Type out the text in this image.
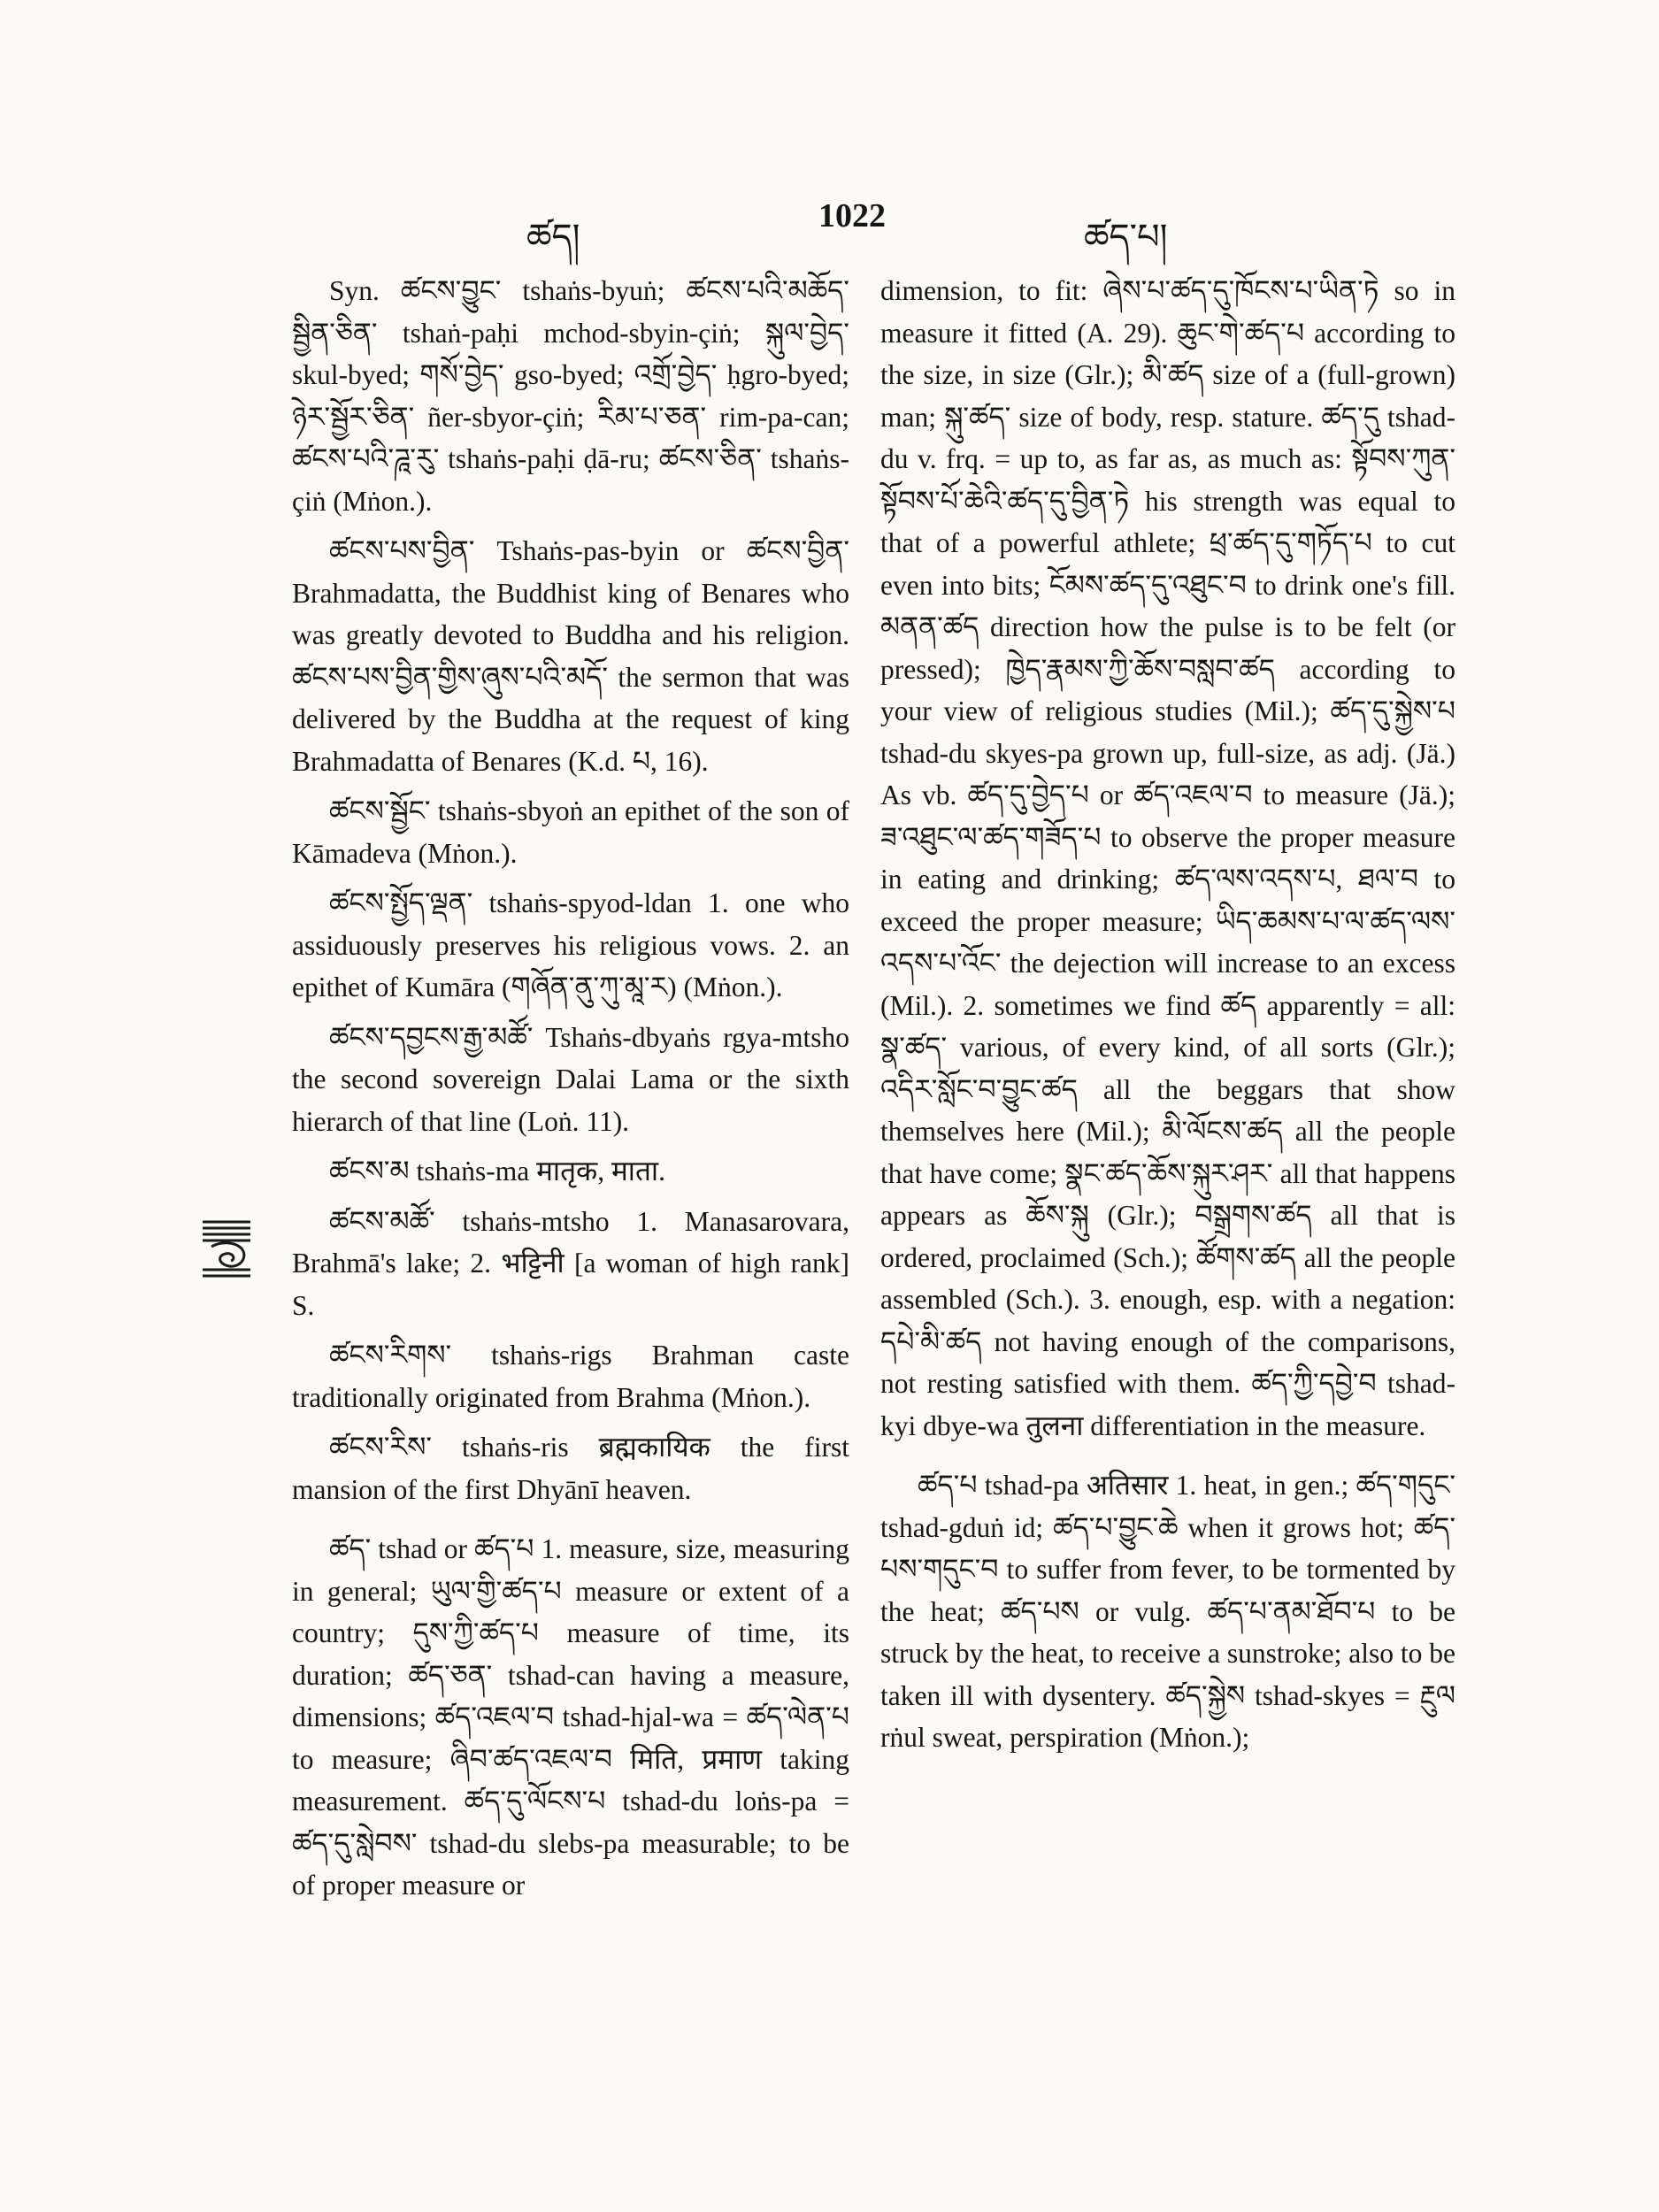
ཚད།
1022
ཚད་པ།

Syn. ཚངས་བྱུང་ tshaṅs-byuṅ; ཚངས་པའི་མཆོད་སྦྱིན་ཅིན་ tshaṅ-paḥi mchod-sbyin-çiṅ; སྐུལ་བྱེད་ skul-byed; གསོ་བྱེད་ gso-byed; འགྲོ་བྱེད་ ḥgro-byed; ཉེར་སྦྱོར་ཅིན་ ñer-sbyor-çiṅ; རིམ་པ་ཅན་ rim-pa-can; ཚངས་པའི་ཌཱ་རུ་ tshaṅs-paḥi ḍā-ru; ཚངས་ཅིན་ tshaṅs-çiṅ (Mṅon.).

ཚངས་པས་བྱིན་ Tshaṅs-pas-byin or ཚངས་བྱིན་ Brahmadatta, the Buddhist king of Benares who was greatly devoted to Buddha and his religion. ཚངས་པས་བྱིན་གྱིས་ཞུས་པའི་མདོ་ the sermon that was delivered by the Buddha at the request of king Brahmadatta of Benares (K.d. པ, 16).

ཚངས་སྦྱོང་ tshaṅs-sbyoṅ an epithet of the son of Kāmadeva (Mṅon.).

ཚངས་སྤྱོད་ལྡན་ tshaṅs-spyod-ldan 1. one who assiduously preserves his religious vows. 2. an epithet of Kumāra (གཞོན་ནུ་ཀུ་མཱ་ར) (Mṅon.).

ཚངས་དབྱངས་རྒྱ་མཚོ་ Tshaṅs-dbyaṅs rgya-mtsho the second sovereign Dalai Lama or the sixth hierarch of that line (Loṅ. 11).

ཚངས་མ tshaṅs-ma मातृक, माता.

ཚངས་མཚོ་ tshaṅs-mtsho 1. Manasarovara, Brahmā's lake; 2. भट्टिनी [a woman of high rank] S.

ཚངས་རིགས་ tshaṅs-rigs Brahman caste traditionally originated from Brahma (Mṅon.).

ཚངས་རིས་ tshaṅs-ris ब्रह्मकायिक the first mansion of the first Dhyānī heaven.

ཚད་ tshad or ཚད་པ 1. measure, size, measuring in general; ཡུལ་གྱི་ཚད་པ measure or extent of a country; དུས་ཀྱི་ཚད་པ measure of time, its duration; ཚད་ཅན་ tshad-can having a measure, dimensions; ཚད་འཇལ་བ tshad-hjal-wa = ཚད་ལེན་པ to measure; ཞིབ་ཚད་འཇལ་བ मिति, प्रमाण taking measurement. ཚད་དུ་ལོངས་པ tshad-du loṅs-pa = ཚད་དུ་སླེབས་ tshad-du slebs-pa measurable; to be of proper measure or

dimension, to fit: ཞེས་པ་ཚད་དུ་ཁོངས་པ་ཡིན་ཏེ so in measure it fitted (A. 29). ཆུང་གེ་ཚད་པ according to the size, in size (Glr.); མི་ཚད size of a (full-grown) man; སྐུ་ཚད་ size of body, resp. stature. ཚད་དུ tshad-du v. frq. = up to, as far as, as much as: སྟོབས་ཀུན་སྟོབས་པོ་ཆེའི་ཚད་དུ་བྱིན་ཏེ his strength was equal to that of a powerful athlete; ཕྲ་ཚད་དུ་གཏོད་པ to cut even into bits; ངོམས་ཚད་དུ་འཐུང་བ to drink one's fill. མནན་ཚད direction how the pulse is to be felt (or pressed); ཁྱེད་རྣམས་ཀྱི་ཆོས་བསླབ་ཚད according to your view of religious studies (Mil.); ཚད་དུ་སྐྱེས་པ tshad-du skyes-pa grown up, full-size, as adj. (Jä.) As vb. ཚད་དུ་བྱེད་པ or ཚད་འཇལ་བ to measure (Jä.); ཟ་འཐུང་ལ་ཚད་གཟོད་པ to observe the proper measure in eating and drinking; ཚད་ལས་འདས་པ, ཐལ་བ to exceed the proper measure; ཡིད་ཆམས་པ་ལ་ཚད་ལས་འདས་པ་འོང་ the dejection will increase to an excess (Mil.). 2. sometimes we find ཚད apparently = all: སྣ་ཚད་ various, of every kind, of all sorts (Glr.); འདིར་སློང་བ་བྱུང་ཚད all the beggars that show themselves here (Mil.); མི་ལོངས་ཚད all the people that have come; སྣང་ཚད་ཆོས་སྐུར་ཤར་ all that happens appears as ཆོས་སྐུ (Glr.); བསྒྲགས་ཚད all that is ordered, proclaimed (Sch.); ཚོགས་ཚད all the people assembled (Sch.). 3. enough, esp. with a negation: དཔེ་མི་ཚད not having enough of the comparisons, not resting satisfied with them. ཚད་ཀྱི་དབྱེ་བ tshad-kyi dbye-wa तुलना differentiation in the measure.

ཚད་པ tshad-pa अतिसार 1. heat, in gen.; ཚད་གདུང་ tshad-gduṅ id; ཚད་པ་བྱུང་ཆེ when it grows hot; ཚད་པས་གདུང་བ to suffer from fever, to be tormented by the heat; ཚད་པས or vulg. ཚད་པ་ནམ་ཐོབ་པ to be struck by the heat, to receive a sunstroke; also to be taken ill with dysentery. ཚད་སྐྱེས tshad-skyes = རྔུལ rṅul sweat, perspiration (Mṅon.);
